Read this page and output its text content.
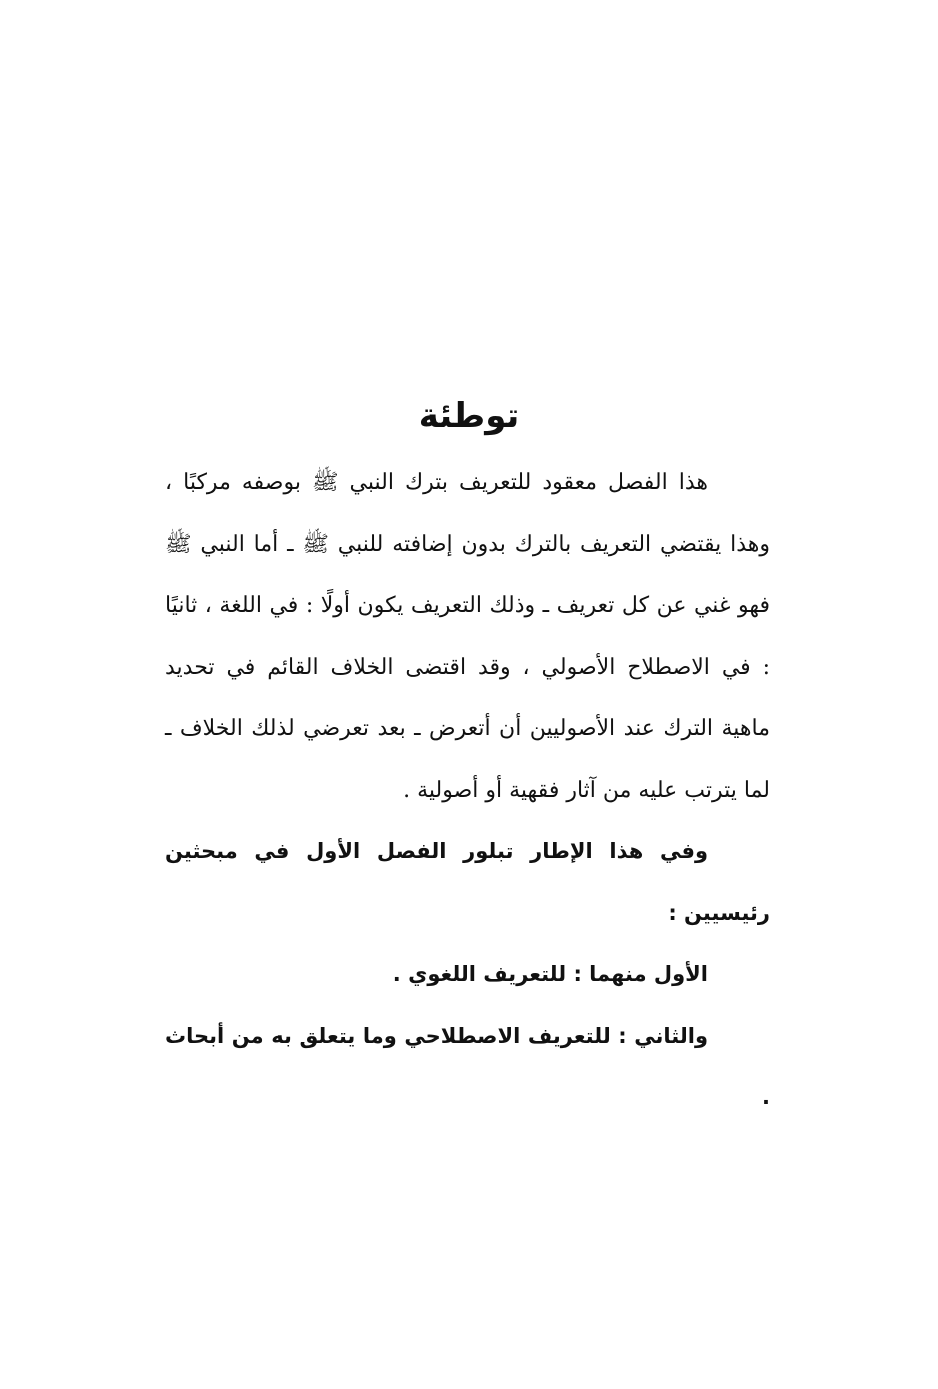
توطئة

هذا الفصل معقود للتعريف بترك النبي ﷺ بوصفه مركبًا ، وهذا يقتضي التعريف بالترك بدون إضافته للنبي ﷺ ـ أما النبي ﷺ فهو غني عن كل تعريف ـ وذلك التعريف يكون أولًا : في اللغة ، ثانيًا : في الاصطلاح الأصولي ، وقد اقتضى الخلاف القائم في تحديد ماهية الترك عند الأصوليين أن أتعرض ـ بعد تعرضي لذلك الخلاف ـ لما يترتب عليه من آثار فقهية أو أصولية .

وفي هذا الإطار تبلور الفصل الأول في مبحثين رئيسيين :

الأول منهما : للتعريف اللغوي .

والثاني : للتعريف الاصطلاحي وما يتعلق به من أبحاث .
